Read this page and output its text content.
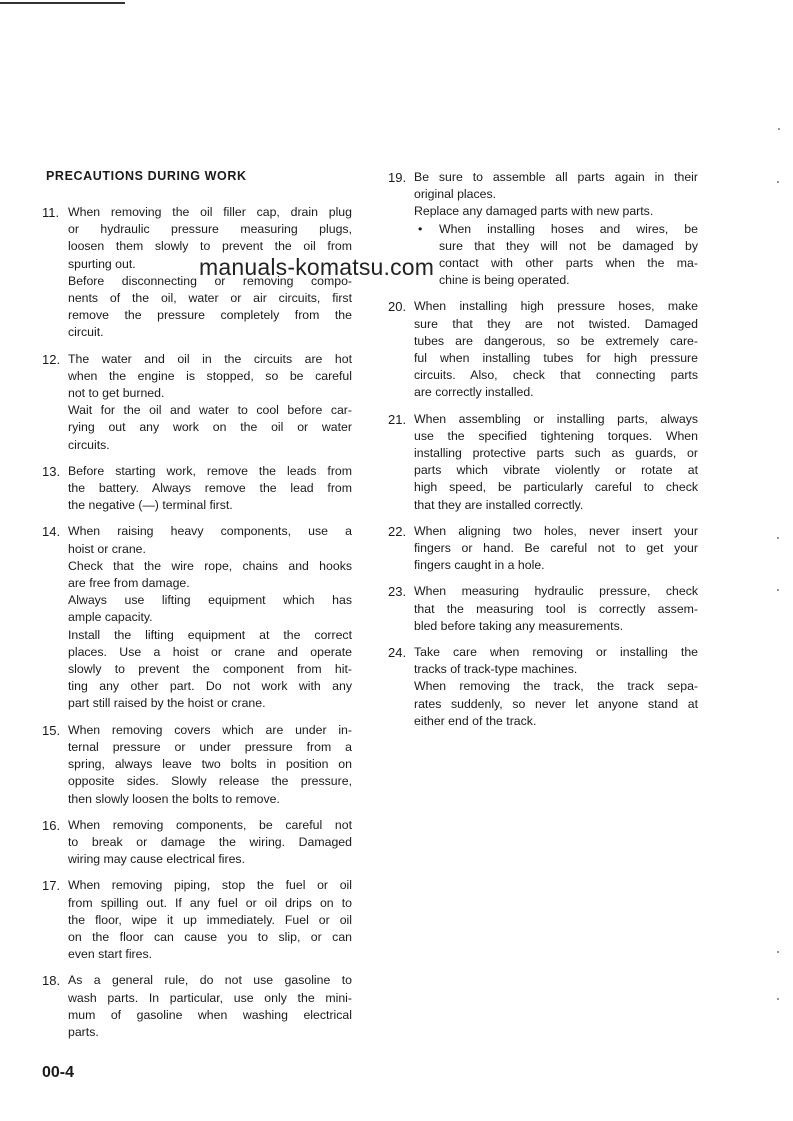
PRECAUTIONS DURING WORK
11. When removing the oil filler cap, drain plug
or hydraulic pressure measuring plugs,
loosen them slowly to prevent the oil from
spurting out.
Before disconnecting or removing compo-
nents of the oil, water or air circuits, first
remove the pressure completely from the
circuit.
12. The water and oil in the circuits are hot
when the engine is stopped, so be careful
not to get burned.
Wait for the oil and water to cool before car-
rying out any work on the oil or water
circuits.
13. Before starting work, remove the leads from
the battery. Always remove the lead from
the negative (—) terminal first.
14. When raising heavy components, use a
hoist or crane.
Check that the wire rope, chains and hooks
are free from damage.
Always use lifting equipment which has
ample capacity.
Install the lifting equipment at the correct
places. Use a hoist or crane and operate
slowly to prevent the component from hit-
ting any other part. Do not work with any
part still raised by the hoist or crane.
15. When removing covers which are under in-
ternal pressure or under pressure from a
spring, always leave two bolts in position on
opposite sides. Slowly release the pressure,
then slowly loosen the bolts to remove.
16. When removing components, be careful not
to break or damage the wiring. Damaged
wiring may cause electrical fires.
17. When removing piping, stop the fuel or oil
from spilling out. If any fuel or oil drips on to
the floor, wipe it up immediately. Fuel or oil
on the floor can cause you to slip, or can
even start fires.
18. As a general rule, do not use gasoline to
wash parts. In particular, use only the mini-
mum of gasoline when washing electrical
parts.
19. Be sure to assemble all parts again in their
original places.
Replace any damaged parts with new parts.
• When installing hoses and wires, be
sure that they will not be damaged by
contact with other parts when the ma-
chine is being operated.
20. When installing high pressure hoses, make
sure that they are not twisted. Damaged
tubes are dangerous, so be extremely care-
ful when installing tubes for high pressure
circuits. Also, check that connecting parts
are correctly installed.
21. When assembling or installing parts, always
use the specified tightening torques. When
installing protective parts such as guards, or
parts which vibrate violently or rotate at
high speed, be particularly careful to check
that they are installed correctly.
22. When aligning two holes, never insert your
fingers or hand. Be careful not to get your
fingers caught in a hole.
23. When measuring hydraulic pressure, check
that the measuring tool is correctly assem-
bled before taking any measurements.
24. Take care when removing or installing the
tracks of track-type machines.
When removing the track, the track sepa-
rates suddenly, so never let anyone stand at
either end of the track.
manuals-komatsu.com
00-4
